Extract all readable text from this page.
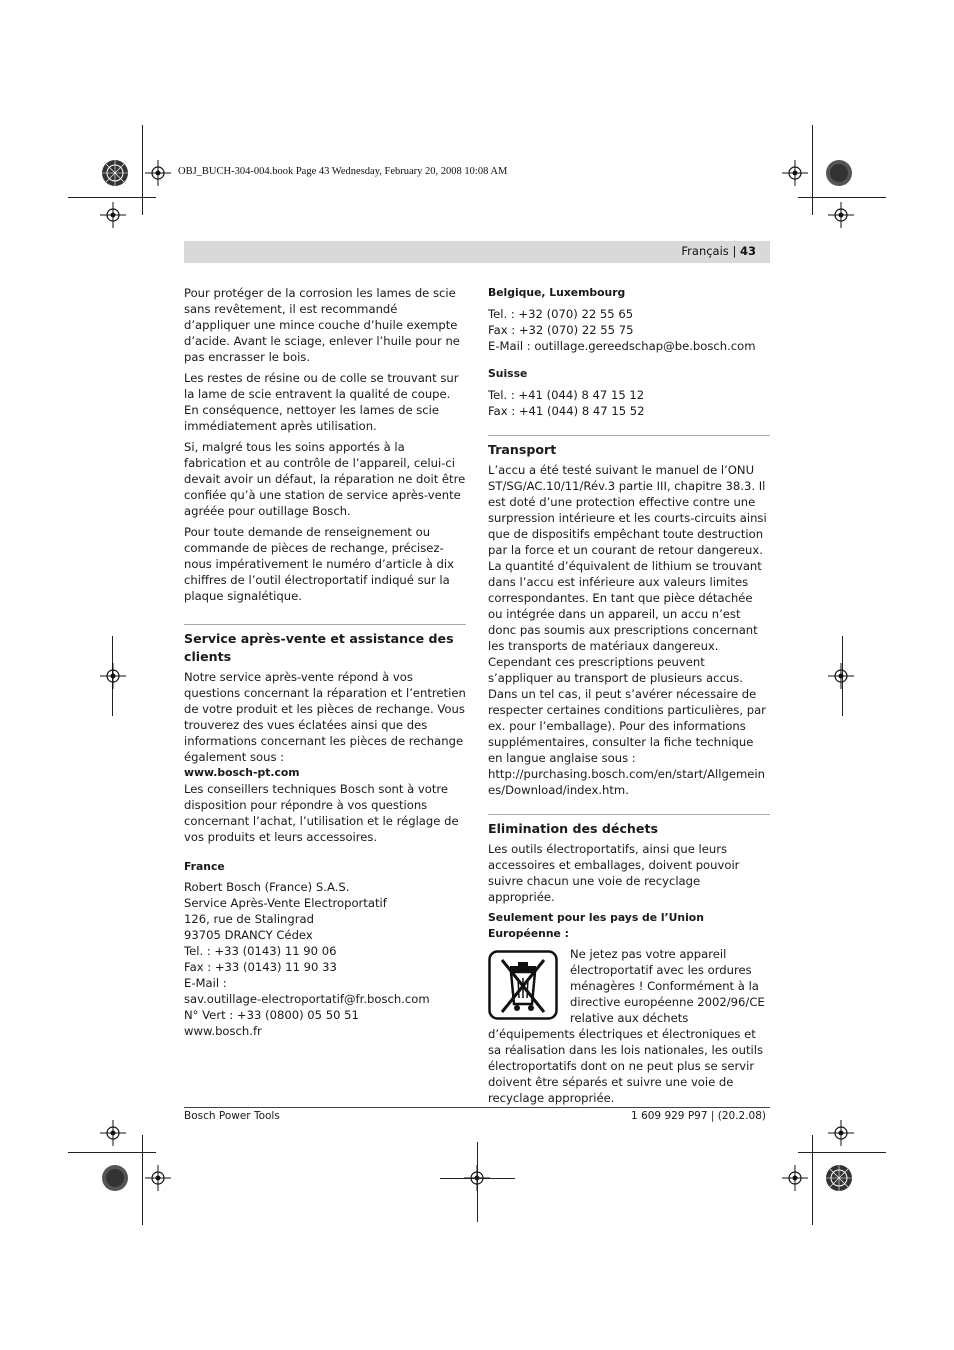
OBJ_BUCH-304-004.book Page 43 Wednesday, February 20, 2008 10:08 AM
Français | 43

Pour protéger de la corrosion les lames de scie sans revêtement, il est recommandé d’appliquer une mince couche d’huile exempte d’acide. Avant le sciage, enlever l’huile pour ne pas encrasser le bois.

Les restes de résine ou de colle se trouvant sur la lame de scie entravent la qualité de coupe. En conséquence, nettoyer les lames de scie immédiatement après utilisation.

Si, malgré tous les soins apportés à la fabrication et au contrôle de l’appareil, celui-ci devait avoir un défaut, la réparation ne doit être confiée qu’à une station de service après-vente agréée pour outillage Bosch.

Pour toute demande de renseignement ou commande de pièces de rechange, précisez-nous impérativement le numéro d’article à dix chiffres de l’outil électroportatif indiqué sur la plaque signalétique.

Service après-vente et assistance des clients
Notre service après-vente répond à vos questions concernant la réparation et l’entretien de votre produit et les pièces de rechange. Vous trouverez des vues éclatées ainsi que des informations concernant les pièces de rechange également sous :
www.bosch-pt.com
Les conseillers techniques Bosch sont à votre disposition pour répondre à vos questions concernant l’achat, l’utilisation et le réglage de vos produits et leurs accessoires.
France
Robert Bosch (France) S.A.S.
Service Après-Vente Electroportatif
126, rue de Stalingrad
93705 DRANCY Cédex
Tel. : +33 (0143) 11 90 06
Fax : +33 (0143) 11 90 33
E-Mail :
sav.outillage-electroportatif@fr.bosch.com
N° Vert : +33 (0800) 05 50 51
www.bosch.fr
Belgique, Luxembourg
Tel. : +32 (070) 22 55 65
Fax : +32 (070) 22 55 75
E-Mail : outillage.gereedschap@be.bosch.com
Suisse
Tel. : +41 (044) 8 47 15 12
Fax : +41 (044) 8 47 15 52
Transport
L’accu a été testé suivant le manuel de l’ONU ST/SG/AC.10/11/Rév.3 partie III, chapitre 38.3. Il est doté d’une protection effective contre une surpression intérieure et les courts-circuits ainsi que de dispositifs empêchant toute destruction par la force et un courant de retour dangereux. La quantité d’équivalent de lithium se trouvant dans l’accu est inférieure aux valeurs limites correspondantes. En tant que pièce détachée ou intégrée dans un appareil, un accu n’est donc pas soumis aux prescriptions concernant les transports de matériaux dangereux. Cependant ces prescriptions peuvent s’appliquer au transport de plusieurs accus. Dans un tel cas, il peut s’avérer nécessaire de respecter certaines conditions particulières, par ex. pour l’emballage). Pour des informations supplémentaires, consulter la fiche technique en langue anglaise sous : http://purchasing.bosch.com/en/start/Allgemeines/Download/index.htm.
Elimination des déchets
Les outils électroportatifs, ainsi que leurs accessoires et emballages, doivent pouvoir suivre chacun une voie de recyclage appropriée.
Seulement pour les pays de l’Union Européenne :
Ne jetez pas votre appareil électroportatif avec les ordures ménagères ! Conformément à la directive européenne 2002/96/CE relative aux déchets d’équipements électriques et électroniques et sa réalisation dans les lois nationales, les outils électroportatifs dont on ne peut plus se servir doivent être séparés et suivre une voie de recyclage appropriée.
Bosch Power Tools	1 609 929 P97 | (20.2.08)
